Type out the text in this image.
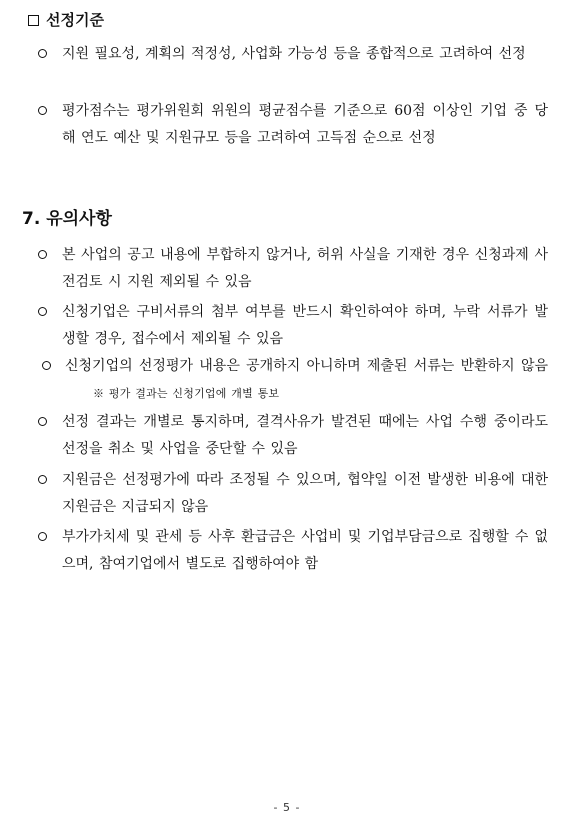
선정기준
지원 필요성, 계획의 적정성, 사업화 가능성 등을 종합적으로 고려하여 선정
평가점수는 평가위원회 위원의 평균점수를 기준으로 60점 이상인 기업 중 당해 연도 예산 및 지원규모 등을 고려하여 고득점 순으로 선정
7. 유의사항
본 사업의 공고 내용에 부합하지 않거나, 허위 사실을 기재한 경우 신청과제 사전검토 시 지원 제외될 수 있음
신청기업은 구비서류의 첨부 여부를 반드시 확인하여야 하며, 누락 서류가 발생할 경우, 접수에서 제외될 수 있음
신청기업의 선정평가 내용은 공개하지 아니하며 제출된 서류는 반환하지 않음※ 평가 결과는 신청기업에 개별 통보
선정 결과는 개별로 통지하며, 결격사유가 발견된 때에는 사업 수행 중이라도 선정을 취소 및 사업을 중단할 수 있음
지원금은 선정평가에 따라 조정될 수 있으며, 협약일 이전 발생한 비용에 대한 지원금은 지급되지 않음
부가가치세 및 관세 등 사후 환급금은 사업비 및 기업부담금으로 집행할 수 없으며, 참여기업에서 별도로 집행하여야 함
- 5 -
